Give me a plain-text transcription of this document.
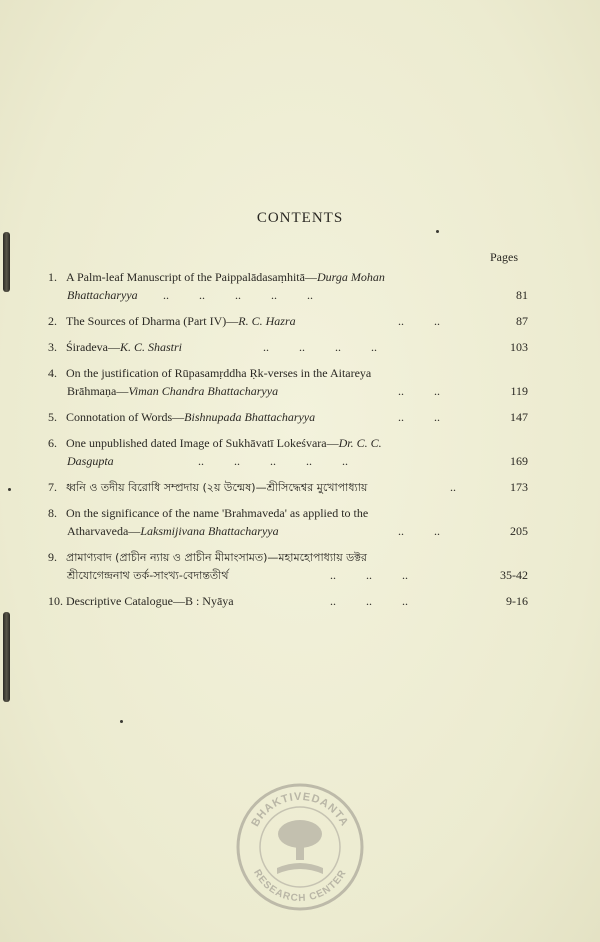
CONTENTS
Pages
1. A Palm-leaf Manuscript of the Paippalādasaṃhitā—Durga Mohan
Bhattacharyya ..          ..          ..          ..          ..	81
2. The Sources of Dharma (Part IV)—R. C. Hazra	..          ..	87
3. Śiradeva—K. C. Shastri	..          ..          ..          ..	103
4. On the justification of Rūpasamṛddha Ṛk-verses in the Aitareya
Brāhmaṇa—Viman Chandra Bhattacharyya	..          ..	119
5. Connotation of Words—Bishnupada Bhattacharyya	..          ..	147
6. One unpublished dated Image of Sukhāvatī Lokeśvara—Dr. C. C.
Dasgupta	..          ..          ..          ..          ..	169
7. ধ্বনি ও তদীয় বিরোধি সম্প্রদায় (২য় উন্মেষ)—শ্রীসিদ্ধেশ্বর মুখোপাধ্যায়	..	173
8. On the significance of the name 'Brahmaveda' as applied to the
Atharvaveda—Laksmijivana Bhattacharyya	..          ..	205
9. প্রামাণ্যবাদ (প্রাচীন ন্যায় ও প্রাচীন মীমাংসামত)—মহামহোপাধ্যায় ডক্টর
শ্রীযোগেন্দ্রনাথ তর্ক-সাংখ্য-বেদান্ততীর্থ	..          ..          ..	35-42
10. Descriptive Catalogue—B : Nyāya	..          ..          ..	9-16
BHAKTIVEDANTA
RESEARCH CENTER
